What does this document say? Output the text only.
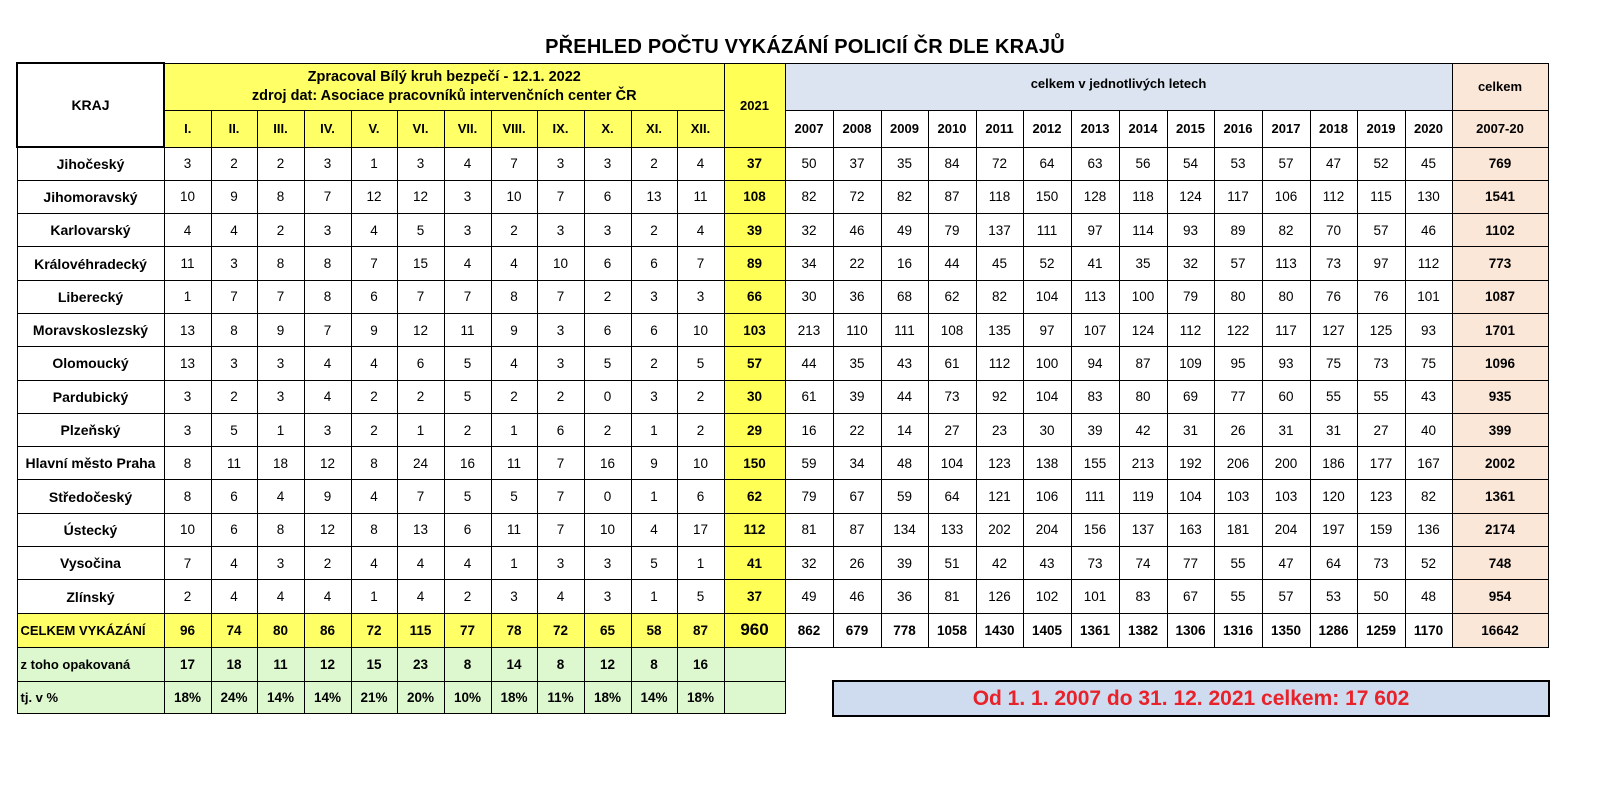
PŘEHLED POČTU VYKÁZÁNÍ POLICIÍ ČR DLE KRAJŮ
KRAJ	Zpracoval Bílý kruh bezpečí - 12.1. 2022
zdroj dat: Asociace pracovníků intervenčních center ČR												2021	celkem v jednotlivých letech														celkem
	I.	II.	III.	IV.	V.	VI.	VII.	VIII.	IX.	X.	XI.	XII.		2007	2008	2009	2010	2011	2012	2013	2014	2015	2016	2017	2018	2019	2020	2007-20
Jihočeský	3	2	2	3	1	3	4	7	3	3	2	4	37	50	37	35	84	72	64	63	56	54	53	57	47	52	45	769
Jihomoravský	10	9	8	7	12	12	3	10	7	6	13	11	108	82	72	82	87	118	150	128	118	124	117	106	112	115	130	1541
Karlovarský	4	4	2	3	4	5	3	2	3	3	2	4	39	32	46	49	79	137	111	97	114	93	89	82	70	57	46	1102
Královéhradecký	11	3	8	8	7	15	4	4	10	6	6	7	89	34	22	16	44	45	52	41	35	32	57	113	73	97	112	773
Liberecký	1	7	7	8	6	7	7	8	7	2	3	3	66	30	36	68	62	82	104	113	100	79	80	80	76	76	101	1087
Moravskoslezský	13	8	9	7	9	12	11	9	3	6	6	10	103	213	110	111	108	135	97	107	124	112	122	117	127	125	93	1701
Olomoucký	13	3	3	4	4	6	5	4	3	5	2	5	57	44	35	43	61	112	100	94	87	109	95	93	75	73	75	1096
Pardubický	3	2	3	4	2	2	5	2	2	0	3	2	30	61	39	44	73	92	104	83	80	69	77	60	55	55	43	935
Plzeňský	3	5	1	3	2	1	2	1	6	2	1	2	29	16	22	14	27	23	30	39	42	31	26	31	31	27	40	399
Hlavní město Praha	8	11	18	12	8	24	16	11	7	16	9	10	150	59	34	48	104	123	138	155	213	192	206	200	186	177	167	2002
Středočeský	8	6	4	9	4	7	5	5	7	0	1	6	62	79	67	59	64	121	106	111	119	104	103	103	120	123	82	1361
Ústecký	10	6	8	12	8	13	6	11	7	10	4	17	112	81	87	134	133	202	204	156	137	163	181	204	197	159	136	2174
Vysočina	7	4	3	2	4	4	4	1	3	3	5	1	41	32	26	39	51	42	43	73	74	77	55	47	64	73	52	748
Zlínský	2	4	4	4	1	4	2	3	4	3	1	5	37	49	46	36	81	126	102	101	83	67	55	57	53	50	48	954
CELKEM VYKÁZÁNÍ	96	74	80	86	72	115	77	78	72	65	58	87	960	862	679	778	1058	1430	1405	1361	1382	1306	1316	1350	1286	1259	1170	16642
z toho opakovaná	17	18	11	12	15	23	8	14	8	12	8	16																
tj. v %	18%	24%	14%	14%	21%	20%	10%	18%	11%	18%	14%	18%																	Od 1. 1. 2007 do 31. 12. 2021 celkem: 17 602
